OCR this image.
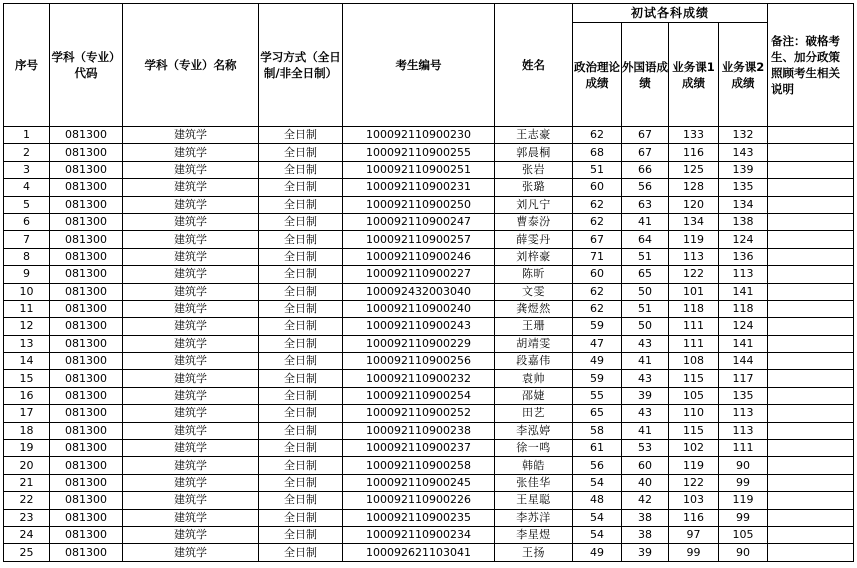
序号	学科（专业）代码	学科（专业）名称	学习方式（全日制/非全日制）	考生编号	姓名	初试各科成绩				备注：破格考生、加分政策照顾考生相关说明
						政治理论成绩	外国语成绩	业务课1成绩	业务课2成绩	
1	081300	建筑学	全日制	100092110900230	王志豪	62	67	133	132	
2	081300	建筑学	全日制	100092110900255	郭晨桐	68	67	116	143	
3	081300	建筑学	全日制	100092110900251	张岩	51	66	125	139	
4	081300	建筑学	全日制	100092110900231	张璐	60	56	128	135	
5	081300	建筑学	全日制	100092110900250	刘凡宁	62	63	120	134	
6	081300	建筑学	全日制	100092110900247	曹泰汾	62	41	134	138	
7	081300	建筑学	全日制	100092110900257	薛雯丹	67	64	119	124	
8	081300	建筑学	全日制	100092110900246	刘梓豪	71	51	113	136	
9	081300	建筑学	全日制	100092110900227	陈昕	60	65	122	113	
10	081300	建筑学	全日制	100092432003040	文雯	62	50	101	141	
11	081300	建筑学	全日制	100092110900240	龚煜然	62	51	118	118	
12	081300	建筑学	全日制	100092110900243	王珊	59	50	111	124	
13	081300	建筑学	全日制	100092110900229	胡靖雯	47	43	111	141	
14	081300	建筑学	全日制	100092110900256	段嘉伟	49	41	108	144	
15	081300	建筑学	全日制	100092110900232	袁帅	59	43	115	117	
16	081300	建筑学	全日制	100092110900254	邵婕	55	39	105	135	
17	081300	建筑学	全日制	100092110900252	田艺	65	43	110	113	
18	081300	建筑学	全日制	100092110900238	李泓婷	58	41	115	113	
19	081300	建筑学	全日制	100092110900237	徐一鸣	61	53	102	111	
20	081300	建筑学	全日制	100092110900258	韩皓	56	60	119	90	
21	081300	建筑学	全日制	100092110900245	张佳华	54	40	122	99	
22	081300	建筑学	全日制	100092110900226	王星聪	48	42	103	119	
23	081300	建筑学	全日制	100092110900235	李苏洋	54	38	116	99	
24	081300	建筑学	全日制	100092110900234	李星煜	54	38	97	105	
25	081300	建筑学	全日制	100092621103041	王扬	49	39	99	90	
